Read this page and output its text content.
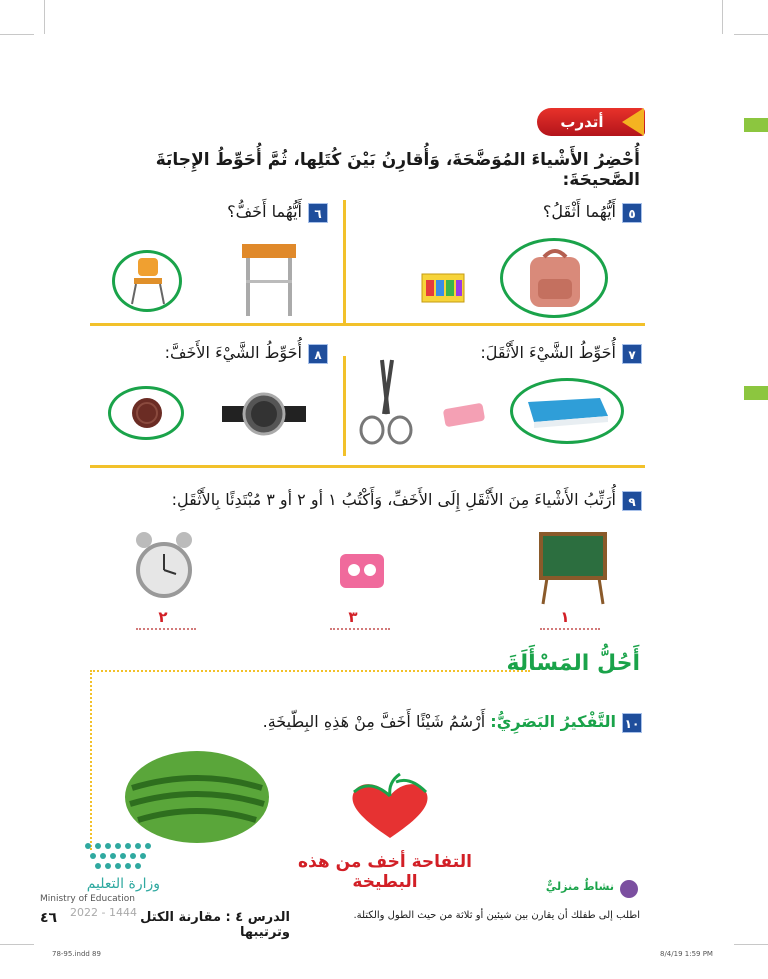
أتدرب
أُحْضِرُ الأَشْياءَ المُوَضَّحَةَ، وَأُقارِنُ بَيْنَ كُتَلِها، ثُمَّ أُحَوِّطُ الإِجابَةَ الصَّحيحَةَ:
٥أَيُّهُما أَثْقَلُ؟
٦أَيُّهُما أَخَفُّ؟
٧أُحَوِّطُ الشَّيْءَ الأَثْقَلَ:
٨أُحَوِّطُ الشَّيْءَ الأَخَفَّ:
٩أُرَتِّبُ الأَشْياءَ مِنَ الأَثْقَلِ إِلَى الأَخَفِّ، وَأَكْتُبُ ١ أو ٢ أو ٣ مُبْتَدِئًا بِالأَثْقَلِ:
١
٣
٢
أَحُلُّ المَسْأَلَةَ
١٠التَّفْكيرُ البَصَرِيُّ: أَرْسُمُ شَيْئًا أَخَفَّ مِنْ هَذِهِ البِطّيخَةِ.
التفاحة أخف من هذه البطيخة
وزارة التعليم
Ministry of Education
2022 - 1444
نشاطٌ منزليٌّ
اطلب إلى طفلك أن يقارن بين شيئين أو ثلاثة من حيث الطول والكتلة.
٤٦	الدرس ٤ : مقارنة الكتل وترتيبها
78-95.indd 89	8/4/19 1:59 PM
